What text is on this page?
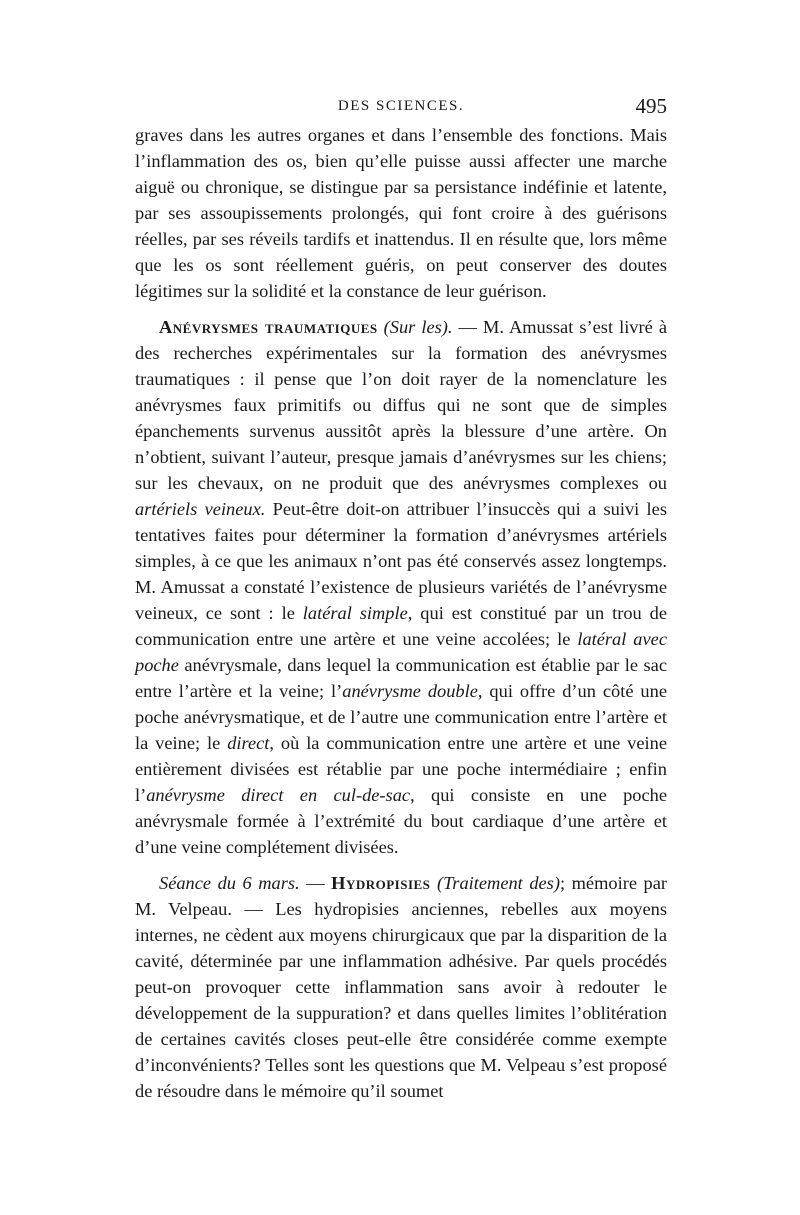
DES SCIENCES.	495

graves dans les autres organes et dans l’ensemble des fonctions. Mais l’inflammation des os, bien qu’elle puisse aussi affecter une marche aiguë ou chronique, se distingue par sa persistance indéfinie et latente, par ses assoupissements prolongés, qui font croire à des guérisons réelles, par ses réveils tardifs et inattendus. Il en résulte que, lors même que les os sont réellement guéris, on peut conserver des doutes légitimes sur la solidité et la constance de leur guérison.

Anévrysmes traumatiques (Sur les). — M. Amussat s’est livré à des recherches expérimentales sur la formation des anévrysmes traumatiques : il pense que l’on doit rayer de la nomenclature les anévrysmes faux primitifs ou diffus qui ne sont que de simples épanchements survenus aussitôt après la blessure d’une artère. On n’obtient, suivant l’auteur, presque jamais d’anévrysmes sur les chiens; sur les chevaux, on ne produit que des anévrysmes complexes ou artériels veineux. Peut-être doit-on attribuer l’insuccès qui a suivi les tentatives faites pour déterminer la formation d’anévrysmes artériels simples, à ce que les animaux n’ont pas été conservés assez longtemps. M. Amussat a constaté l’existence de plusieurs variétés de l’anévrysme veineux, ce sont : le latéral simple, qui est constitué par un trou de communication entre une artère et une veine accolées; le latéral avec poche anévrysmale, dans lequel la communication est établie par le sac entre l’artère et la veine; l’anévrysme double, qui offre d’un côté une poche anévrysmatique, et de l’autre une communication entre l’artère et la veine; le direct, où la communication entre une artère et une veine entièrement divisées est rétablie par une poche intermédiaire ; enfin l’anévrysme direct en cul-de-sac, qui consiste en une poche anévrysmale formée à l’extrémité du bout cardiaque d’une artère et d’une veine complétement divisées.

Séance du 6 mars. — Hydropisies (Traitement des); mémoire par M. Velpeau. — Les hydropisies anciennes, rebelles aux moyens internes, ne cèdent aux moyens chirurgicaux que par la disparition de la cavité, déterminée par une inflammation adhésive. Par quels procédés peut-on provoquer cette inflammation sans avoir à redouter le développement de la suppuration? et dans quelles limites l’oblitération de certaines cavités closes peut-elle être considérée comme exempte d’inconvénients? Telles sont les questions que M. Velpeau s’est proposé de résoudre dans le mémoire qu’il soumet
